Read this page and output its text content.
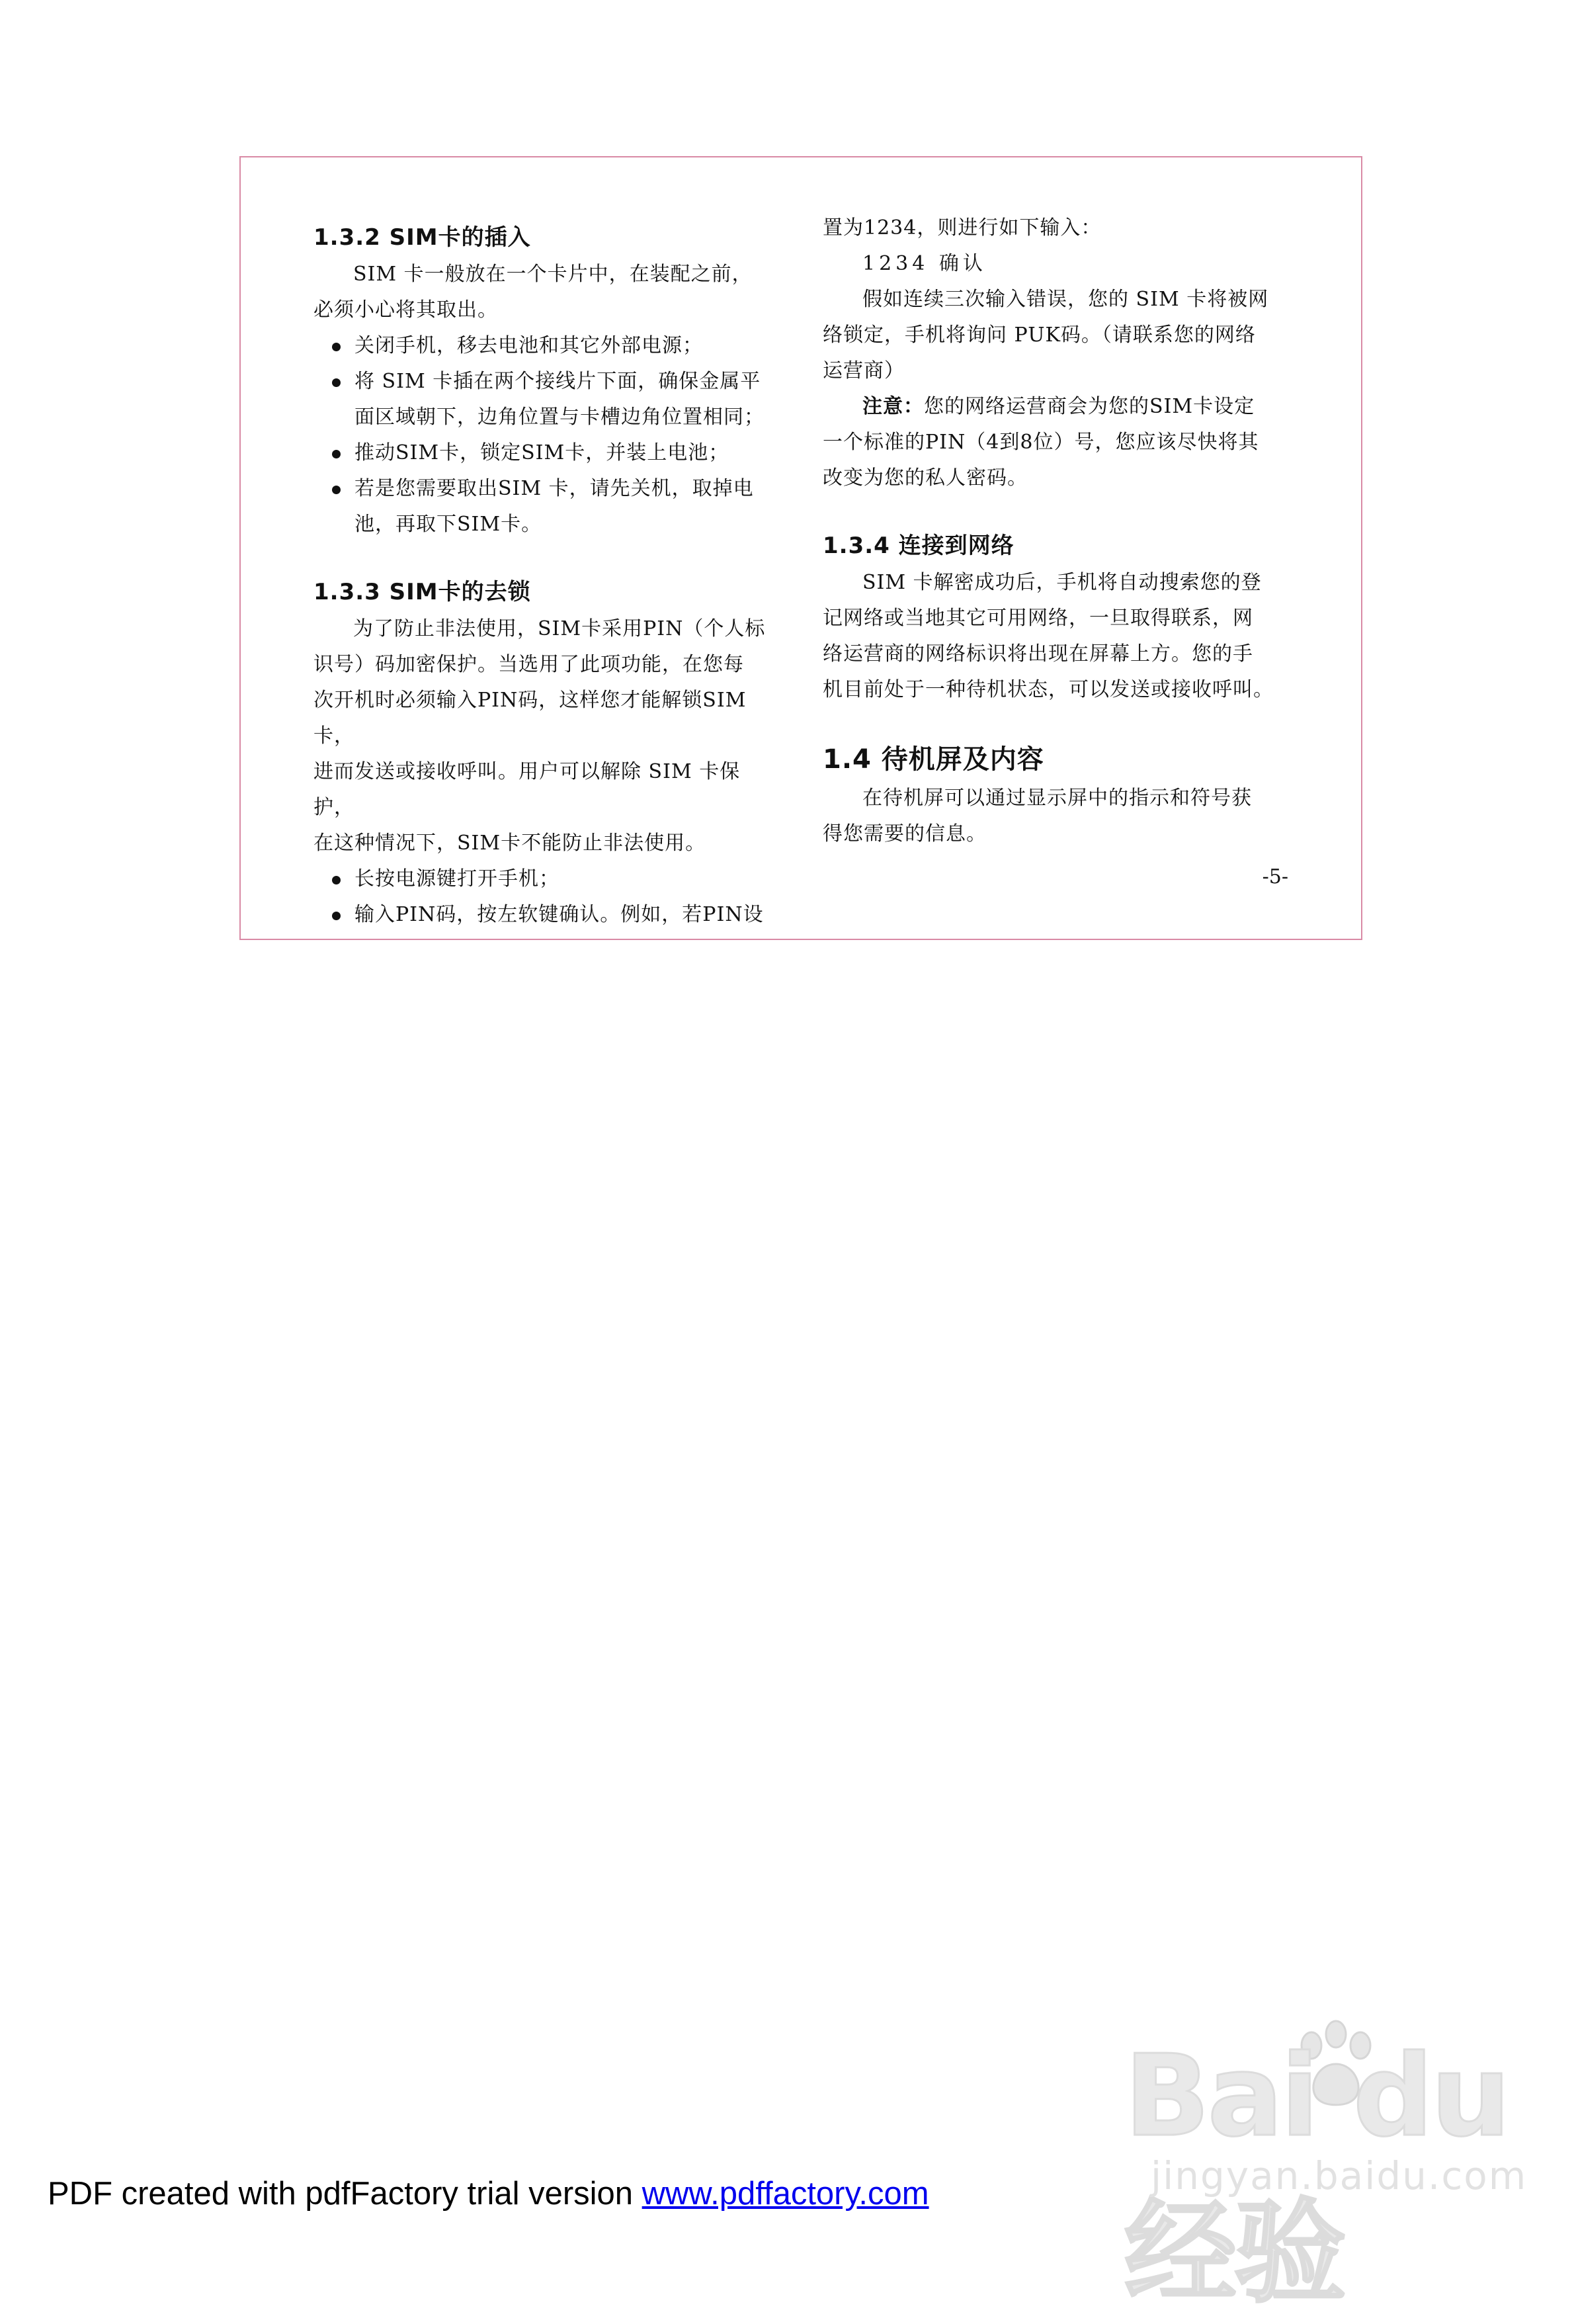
1.3.2 SIM卡的插入

SIM 卡一般放在一个卡片中，在装配之前，

必须小心将其取出。

关闭手机，移去电池和其它外部电源；
将 SIM 卡插在两个接线片下面，确保金属平
面区域朝下，边角位置与卡槽边角位置相同；
推动SIM卡，锁定SIM卡，并装上电池；
若是您需要取出SIM 卡，请先关机，取掉电
池，再取下SIM卡。

1.3.3 SIM卡的去锁

为了防止非法使用，SIM卡采用PIN（个人标

识号）码加密保护。当选用了此项功能，在您每

次开机时必须输入PIN码，这样您才能解锁SIM卡，

进而发送或接收呼叫。用户可以解除 SIM 卡保护，

在这种情况下，SIM卡不能防止非法使用。

长按电源键打开手机；
输入PIN码，按左软键确认。例如，若PIN设

置为1234，则进行如下输入：

1234 确认

假如连续三次输入错误，您的 SIM 卡将被网

络锁定，手机将询问 PUK码。（请联系您的网络

运营商）

注意：您的网络运营商会为您的SIM卡设定

一个标准的PIN（4到8位）号，您应该尽快将其

改变为您的私人密码。

1.3.4 连接到网络

SIM 卡解密成功后，手机将自动搜索您的登

记网络或当地其它可用网络，一旦取得联系，网

络运营商的网络标识将出现在屏幕上方。您的手

机目前处于一种待机状态，可以发送或接收呼叫。

1.4 待机屏及内容

在待机屏可以通过显示屏中的指示和符号获

得您需要的信息。

-5-
Bai du 经验
jingyan.baidu.com
PDF created with pdfFactory trial version www.pdffactory.com
